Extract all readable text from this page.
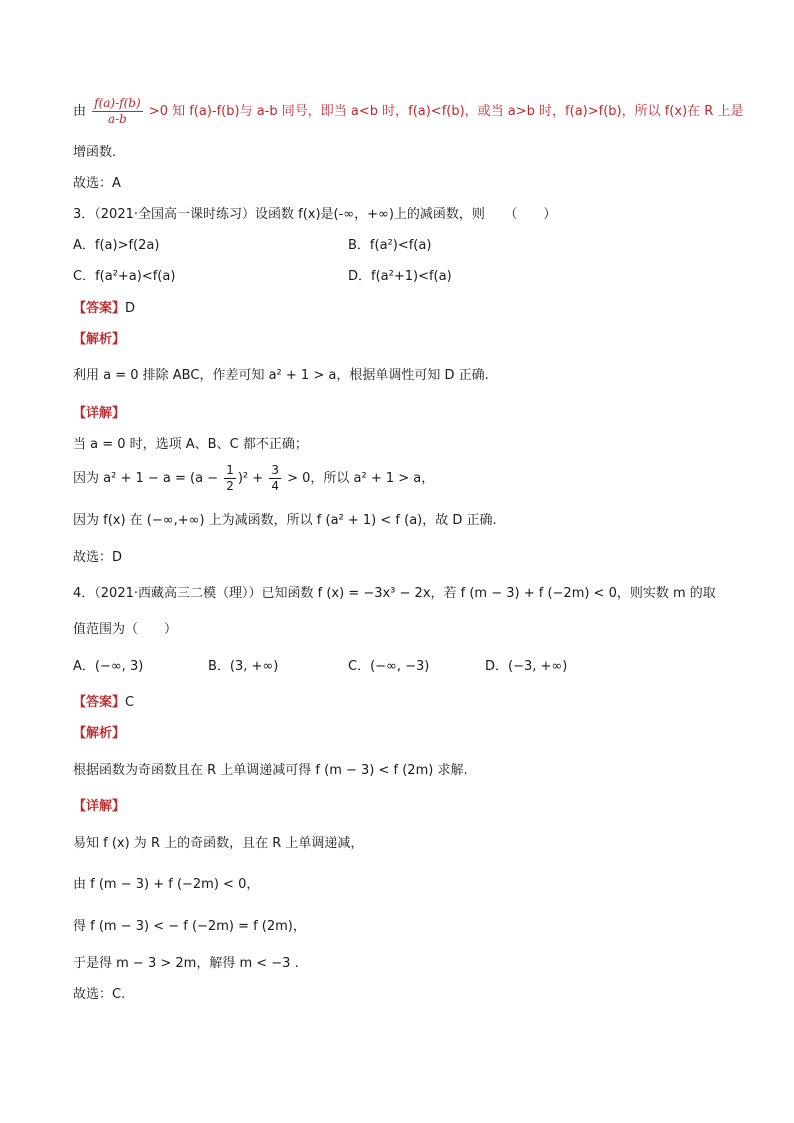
由 $\frac{f(a)-f(b)}{a-b} >0$ 知 f(a)-f(b)与 a-b 同号，即当 a<b 时，f(a)<f(b)，或当 a>b 时，f(a)>f(b)，所以 f(x)在 R 上是
增函数.
故选：A
3．（2021·全国高一课时练习）设函数 f(x)是(-∞，+∞)上的减函数，则　　（　　）
A．f(a)>f(2a)	B．f(a²)<f(a)
C．f(a²+a)<f(a)	D．f(a²+1)<f(a)
【答案】D
【解析】
利用 a = 0 排除 ABC，作差可知 a² + 1 > a，根据单调性可知 D 正确.
【详解】
当 a = 0 时，选项 A、B、C 都不正确；
因为 $a^2 + 1 - a = (a - \frac{1}{2} )^2 + \frac{3}{4} > 0$，所以 a² + 1 > a，
因为 f(x) 在 (−∞,+∞) 上为减函数，所以 f (a² + 1) < f (a)，故 D 正确.
故选：D
4．（2021·西藏高三二模（理））已知函数 f (x) = −3x³ − 2x，若 f (m − 3) + f (−2m) < 0，则实数 m 的取
值范围为（　　）
A．(−∞, 3)	B．(3, +∞)	C．(−∞, −3)	D．(−3, +∞)
【答案】C
【解析】
根据函数为奇函数且在 R 上单调递减可得 f (m − 3) < f (2m) 求解.
【详解】
易知 f (x) 为 R 上的奇函数，且在 R 上单调递减，
由 f (m − 3) + f (−2m) < 0，
得 f (m − 3) < − f (−2m) = f (2m)，
于是得 m − 3 > 2m，解得 m < −3 .
故选：C.
